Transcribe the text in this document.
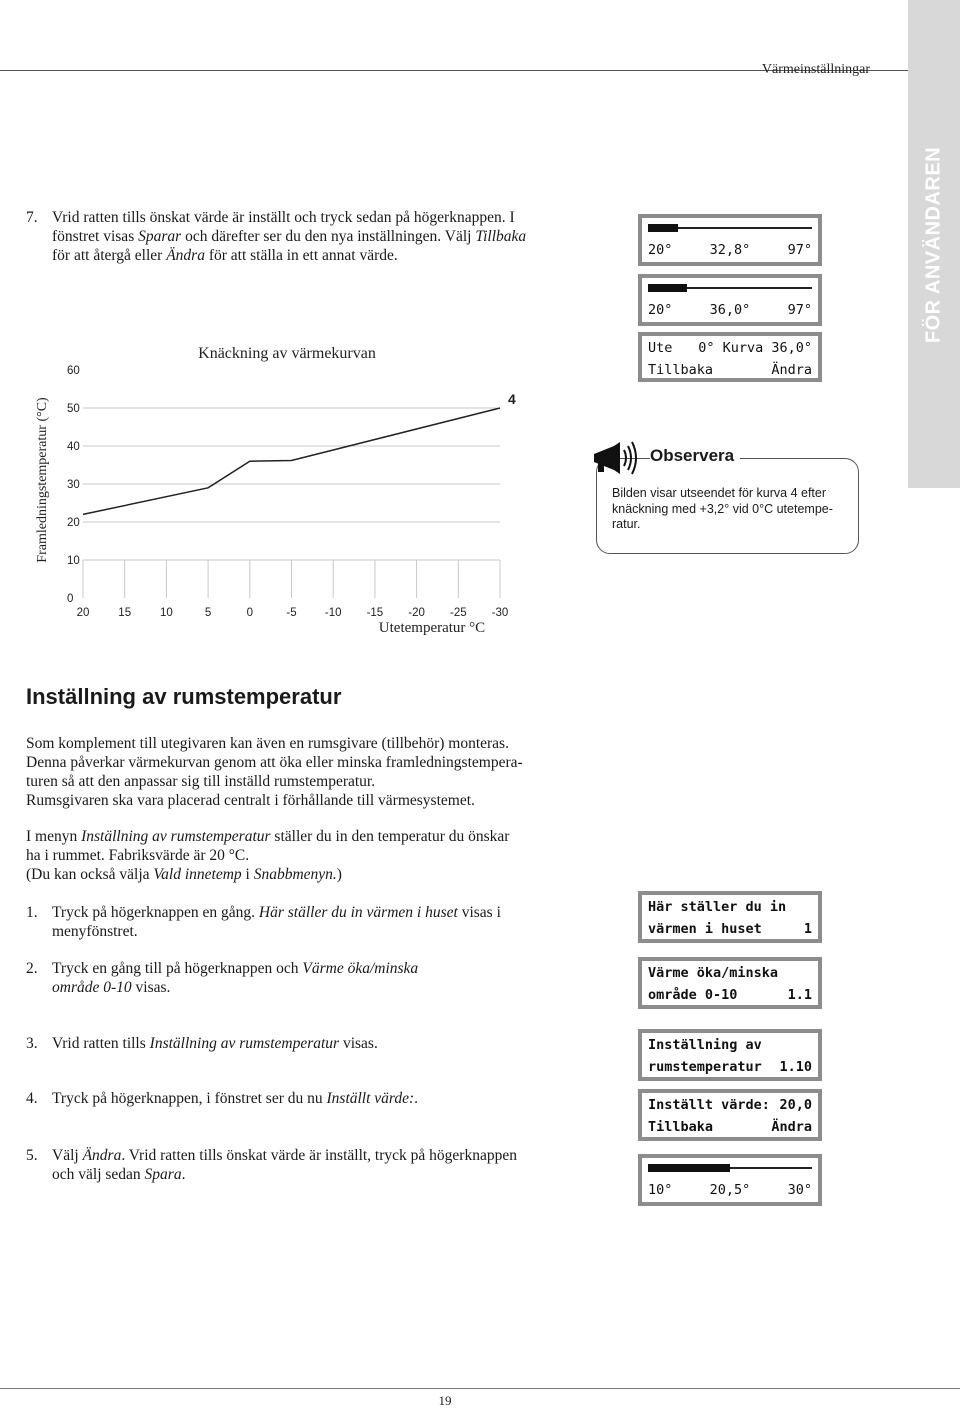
Värmeinställningar
FÖR ANVÄNDAREN
7. Vrid ratten tills önskat värde är inställt och tryck sedan på högerknappen. I
fönstret visas Sparar och därefter ser du den nya inställningen. Välj Tillbaka
för att återgå eller Ändra för att ställa in ett annat värde.	20°	32,8°	97°
20°	36,0°	97°
Ute 0° Kurva 36,0°
Tillbaka	Ändra
Knäckning av värmekurvan
0
10
20
30
40
50
60
20	15	10	5	0	-5 -10 -15 -20 -25 -30
4
Utetemperatur °C
Framledningstemperatur (°C)	Observera
Bilden visar utseendet för kurva 4 efter
knäckning med +3,2° vid 0°C utetempe-
ratur.
Inställning av rumstemperatur
Som komplement till utegivaren kan även en rumsgivare (tillbehör) monteras.
Denna påverkar värmekurvan genom att öka eller minska framledningstempera-
turen så att den anpassar sig till inställd rumstemperatur.
Rumsgivaren ska vara placerad centralt i förhållande till värmesystemet.
I menyn Inställning av rumstemperatur ställer du in den temperatur du önskar
ha i rummet. Fabriksvärde är 20 °C.
(Du kan också välja Vald innetemp i Snabbmenyn.)
1. Tryck på högerknappen en gång. Här ställer du in värmen i huset visas i
menyfönstret.
2. Tryck en gång till på högerknappen och Värme öka/minska
område 0-10 visas.
3. Vrid ratten tills Inställning av rumstemperatur visas.
4. Tryck på högerknappen, i fönstret ser du nu Inställt värde:.
5. Välj Ändra. Vrid ratten tills önskat värde är inställt, tryck på högerknappen
och välj sedan Spara.
Här ställer du in
värmen i huset	1
Värme öka/minska
område 0-10	1.1
Inställning av
rumstemperatur 1.10
Inställt värde: 20,0
Tillbaka	Ändra
10°	20,5°	30°
19
